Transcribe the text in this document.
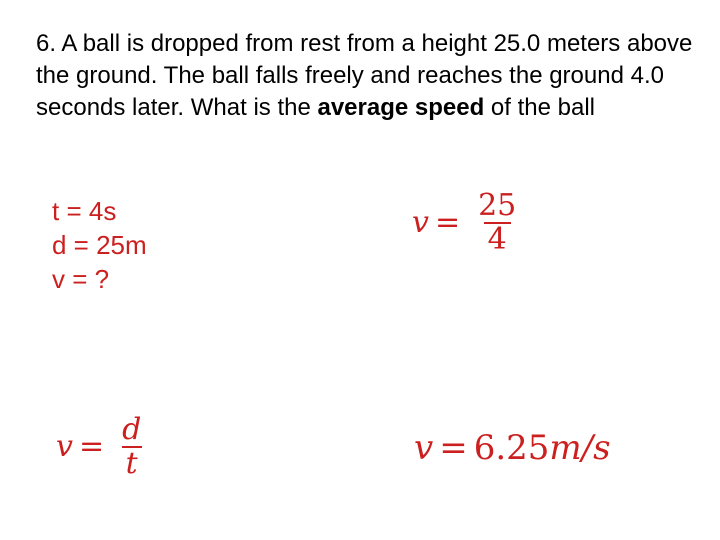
6. A ball is dropped from rest from a height 25.0 meters above the ground. The ball falls freely and reaches the ground 4.0 seconds later. What is the average speed of the ball

t = 4s
d = 25m
v = ?
$v = \frac{25}{4}$
$v = \frac{d}{t}$	v = 6.25 m/s
